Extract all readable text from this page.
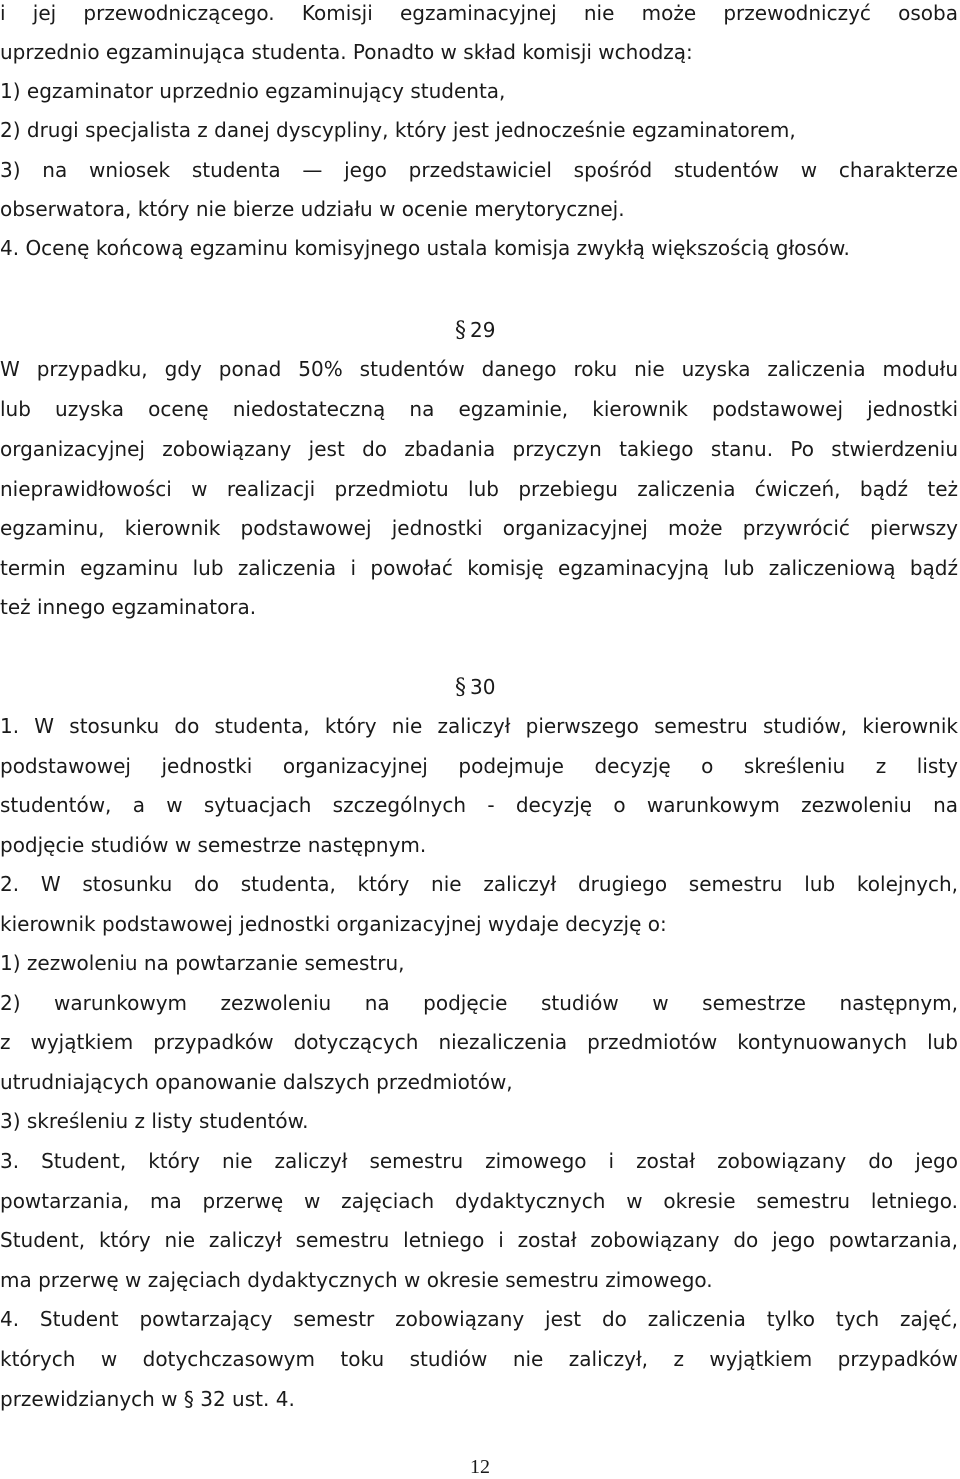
i jej przewodniczącego. Komisji egzaminacyjnej nie może przewodniczyć osoba
uprzednio egzaminująca studenta. Ponadto w skład komisji wchodzą:
1) egzaminator uprzednio egzaminujący studenta,
2) drugi specjalista z danej dyscypliny, który jest jednocześnie egzaminatorem,
3) na wniosek studenta — jego przedstawiciel spośród studentów w charakterze
obserwatora, który nie bierze udziału w ocenie merytorycznej.
4. Ocenę końcową egzaminu komisyjnego ustala komisja zwykłą większością głosów.
§ 29
W przypadku, gdy ponad 50% studentów danego roku nie uzyska zaliczenia modułu
lub uzyska ocenę niedostateczną na egzaminie, kierownik podstawowej jednostki
organizacyjnej zobowiązany jest do zbadania przyczyn takiego stanu. Po stwierdzeniu
nieprawidłowości w realizacji przedmiotu lub przebiegu zaliczenia ćwiczeń, bądź też
egzaminu, kierownik podstawowej jednostki organizacyjnej może przywrócić pierwszy
termin egzaminu lub zaliczenia i powołać komisję egzaminacyjną lub zaliczeniową bądź
też innego egzaminatora.
§ 30
1. W stosunku do studenta, który nie zaliczył pierwszego semestru studiów, kierownik
podstawowej jednostki organizacyjnej podejmuje decyzję o skreśleniu z listy
studentów, a w sytuacjach szczególnych - decyzję o warunkowym zezwoleniu na
podjęcie studiów w semestrze następnym.
2. W stosunku do studenta, który nie zaliczył drugiego semestru lub kolejnych,
kierownik podstawowej jednostki organizacyjnej wydaje decyzję o:
1) zezwoleniu na powtarzanie semestru,
2) warunkowym zezwoleniu na podjęcie studiów w semestrze następnym,
z wyjątkiem przypadków dotyczących niezaliczenia przedmiotów kontynuowanych lub
utrudniających opanowanie dalszych przedmiotów,
3) skreśleniu z listy studentów.
3. Student, który nie zaliczył semestru zimowego i został zobowiązany do jego
powtarzania, ma przerwę w zajęciach dydaktycznych w okresie semestru letniego.
Student, który nie zaliczył semestru letniego i został zobowiązany do jego powtarzania,
ma przerwę w zajęciach dydaktycznych w okresie semestru zimowego.
4. Student powtarzający semestr zobowiązany jest do zaliczenia tylko tych zajęć,
których w dotychczasowym toku studiów nie zaliczył, z wyjątkiem przypadków
przewidzianych w § 32 ust. 4.
12
